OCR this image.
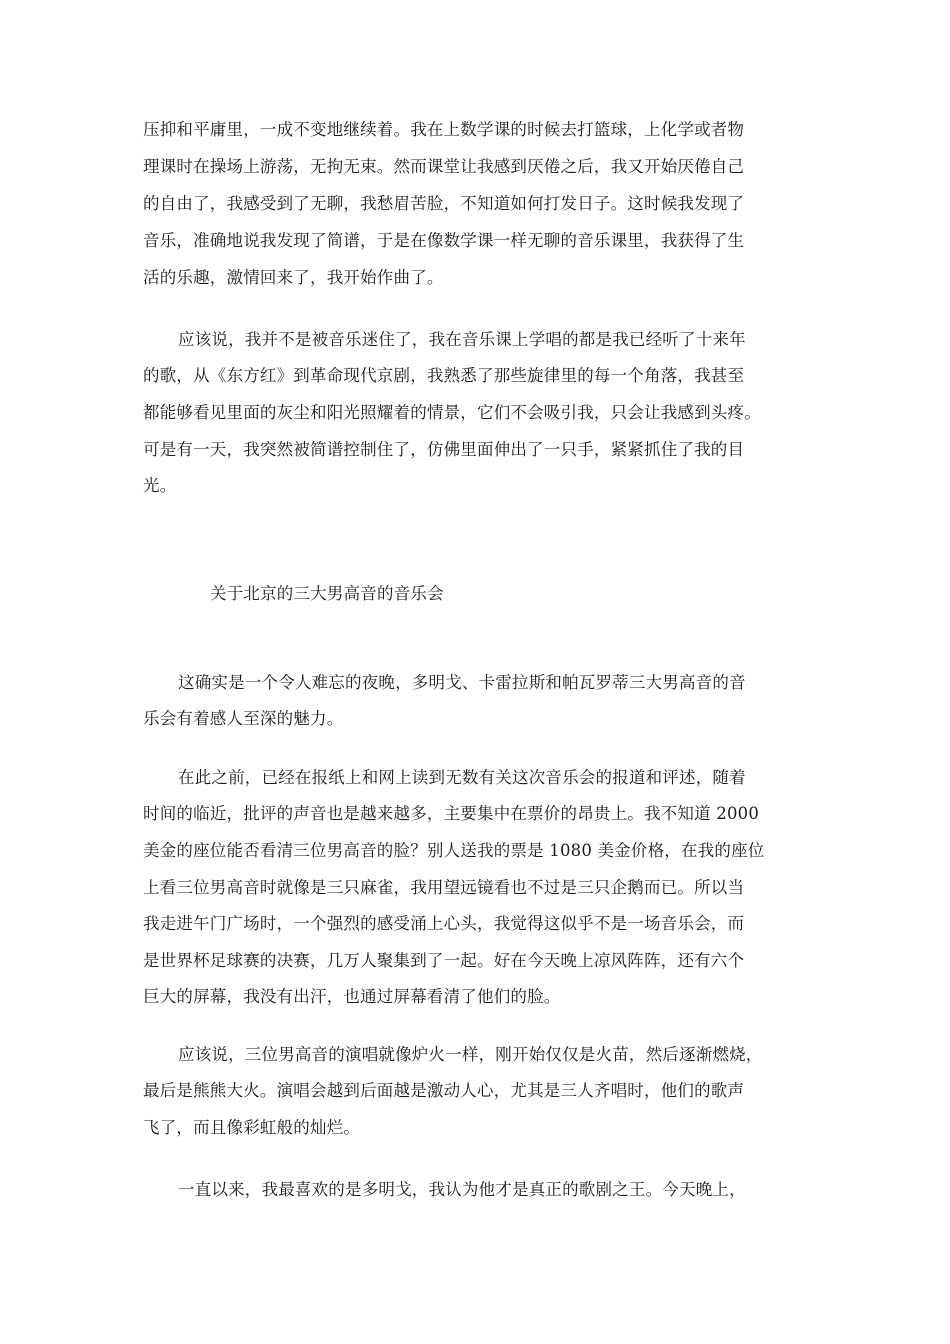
压抑和平庸里，一成不变地继续着。我在上数学课的时候去打篮球，上化学或者物
理课时在操场上游荡，无拘无束。然而课堂让我感到厌倦之后，我又开始厌倦自己
的自由了，我感受到了无聊，我愁眉苦脸，不知道如何打发日子。这时候我发现了
音乐，准确地说我发现了简谱，于是在像数学课一样无聊的音乐课里，我获得了生
活的乐趣，激情回来了，我开始作曲了。
应该说，我并不是被音乐迷住了，我在音乐课上学唱的都是我已经听了十来年
的歌，从《东方红》到革命现代京剧，我熟悉了那些旋律里的每一个角落，我甚至
都能够看见里面的灰尘和阳光照耀着的情景，它们不会吸引我，只会让我感到头疼。
可是有一天，我突然被简谱控制住了，仿佛里面伸出了一只手，紧紧抓住了我的目
光。
关于北京的三大男高音的音乐会
这确实是一个令人难忘的夜晚，多明戈、卡雷拉斯和帕瓦罗蒂三大男高音的音
乐会有着感人至深的魅力。
在此之前，已经在报纸上和网上读到无数有关这次音乐会的报道和评述，随着
时间的临近，批评的声音也是越来越多，主要集中在票价的昂贵上。我不知道 2000
美金的座位能否看清三位男高音的脸？别人送我的票是 1080 美金价格，在我的座位
上看三位男高音时就像是三只麻雀，我用望远镜看也不过是三只企鹅而已。所以当
我走进午门广场时，一个强烈的感受涌上心头，我觉得这似乎不是一场音乐会，而
是世界杯足球赛的决赛，几万人聚集到了一起。好在今天晚上凉风阵阵，还有六个
巨大的屏幕，我没有出汗，也通过屏幕看清了他们的脸。
应该说，三位男高音的演唱就像炉火一样，刚开始仅仅是火苗，然后逐渐燃烧，
最后是熊熊大火。演唱会越到后面越是激动人心，尤其是三人齐唱时，他们的歌声
飞了，而且像彩虹般的灿烂。
一直以来，我最喜欢的是多明戈，我认为他才是真正的歌剧之王。今天晚上，
